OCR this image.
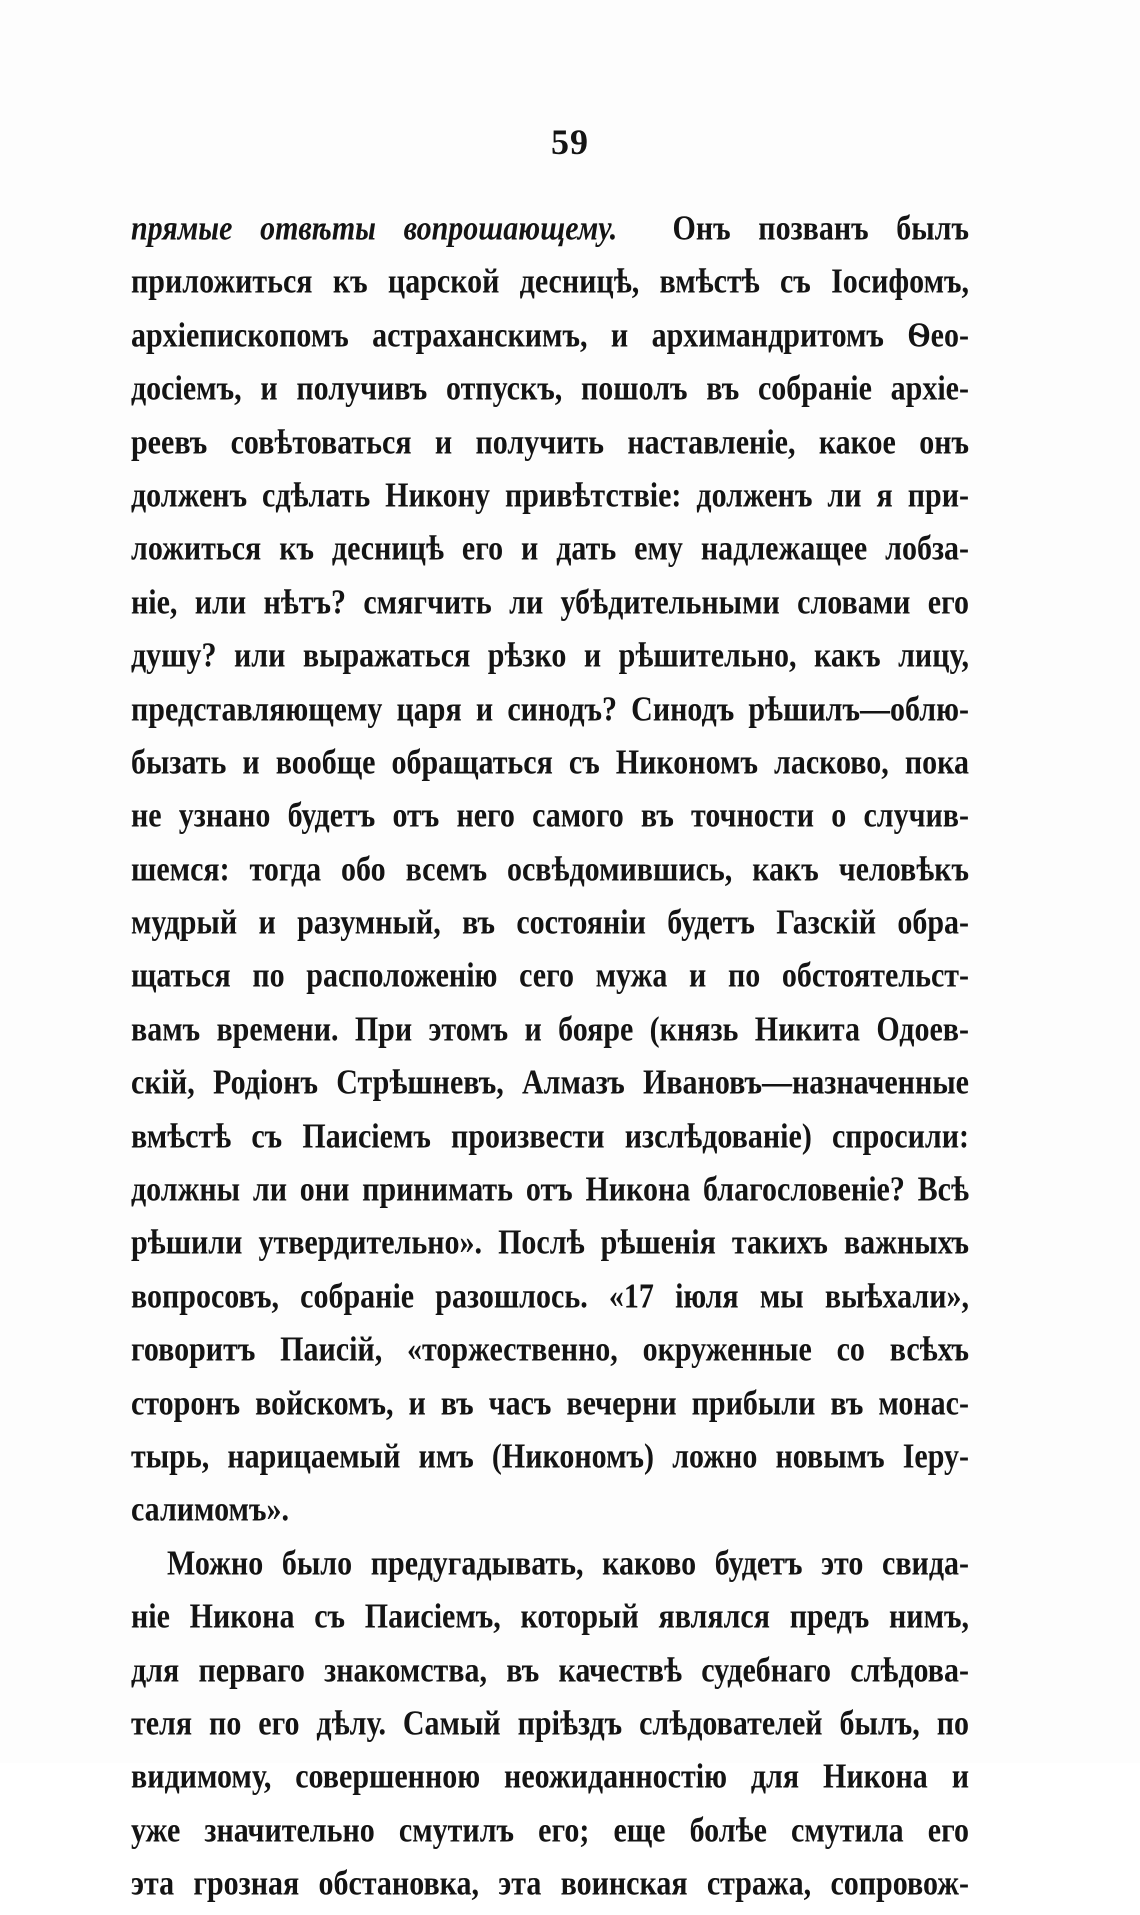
59
прямые отвѣты вопрошающему. Онъ позванъ былъ
приложиться къ царской десницѣ, вмѣстѣ съ Іосифомъ,
архіепископомъ астраханскимъ, и архимандритомъ Ѳео-
досіемъ, и получивъ отпускъ, пошолъ въ собраніе архіе-
реевъ совѣтоваться и получить наставленіе, какое онъ
долженъ сдѣлать Никону привѣтствіе: долженъ ли я при-
ложиться къ десницѣ его и дать ему надлежащее лобза-
ніе, или нѣтъ? смягчить ли убѣдительными словами его
душу? или выражаться рѣзко и рѣшительно, какъ лицу,
представляющему царя и синодъ? Синодъ рѣшилъ—облю-
бызать и вообще обращаться съ Никономъ ласково, пока
не узнано будетъ отъ него самого въ точности о случив-
шемся: тогда обо всемъ освѣдомившись, какъ человѣкъ
мудрый и разумный, въ состояніи будетъ Газскій обра-
щаться по расположенію сего мужа и по обстоятельст-
вамъ времени. При этомъ и бояре (князь Никита Одоев-
скій, Родіонъ Стрѣшневъ, Алмазъ Ивановъ—назначенные
вмѣстѣ съ Паисіемъ произвести изслѣдованіе) спросили:
должны ли они принимать отъ Никона благословеніе? Всѣ
рѣшили утвердительно». Послѣ рѣшенія такихъ важныхъ
вопросовъ, собраніе разошлось. «17 іюля мы выѣхали»,
говоритъ Паисій, «торжественно, окруженные со всѣхъ
сторонъ войскомъ, и въ часъ вечерни прибыли въ монас-
тырь, нарицаемый имъ (Никономъ) ложно новымъ Іеру-
салимомъ».
Можно было предугадывать, каково будетъ это свида-
ніе Никона съ Паисіемъ, который являлся предъ нимъ,
для перваго знакомства, въ качествѣ судебнаго слѣдова-
теля по его дѣлу. Самый пріѣздъ слѣдователей былъ, по
видимому, совершенною неожиданностію для Никона и
уже значительно смутилъ его; еще болѣе смутила его
эта грозная обстановка, эта воинская стража, сопровож-
